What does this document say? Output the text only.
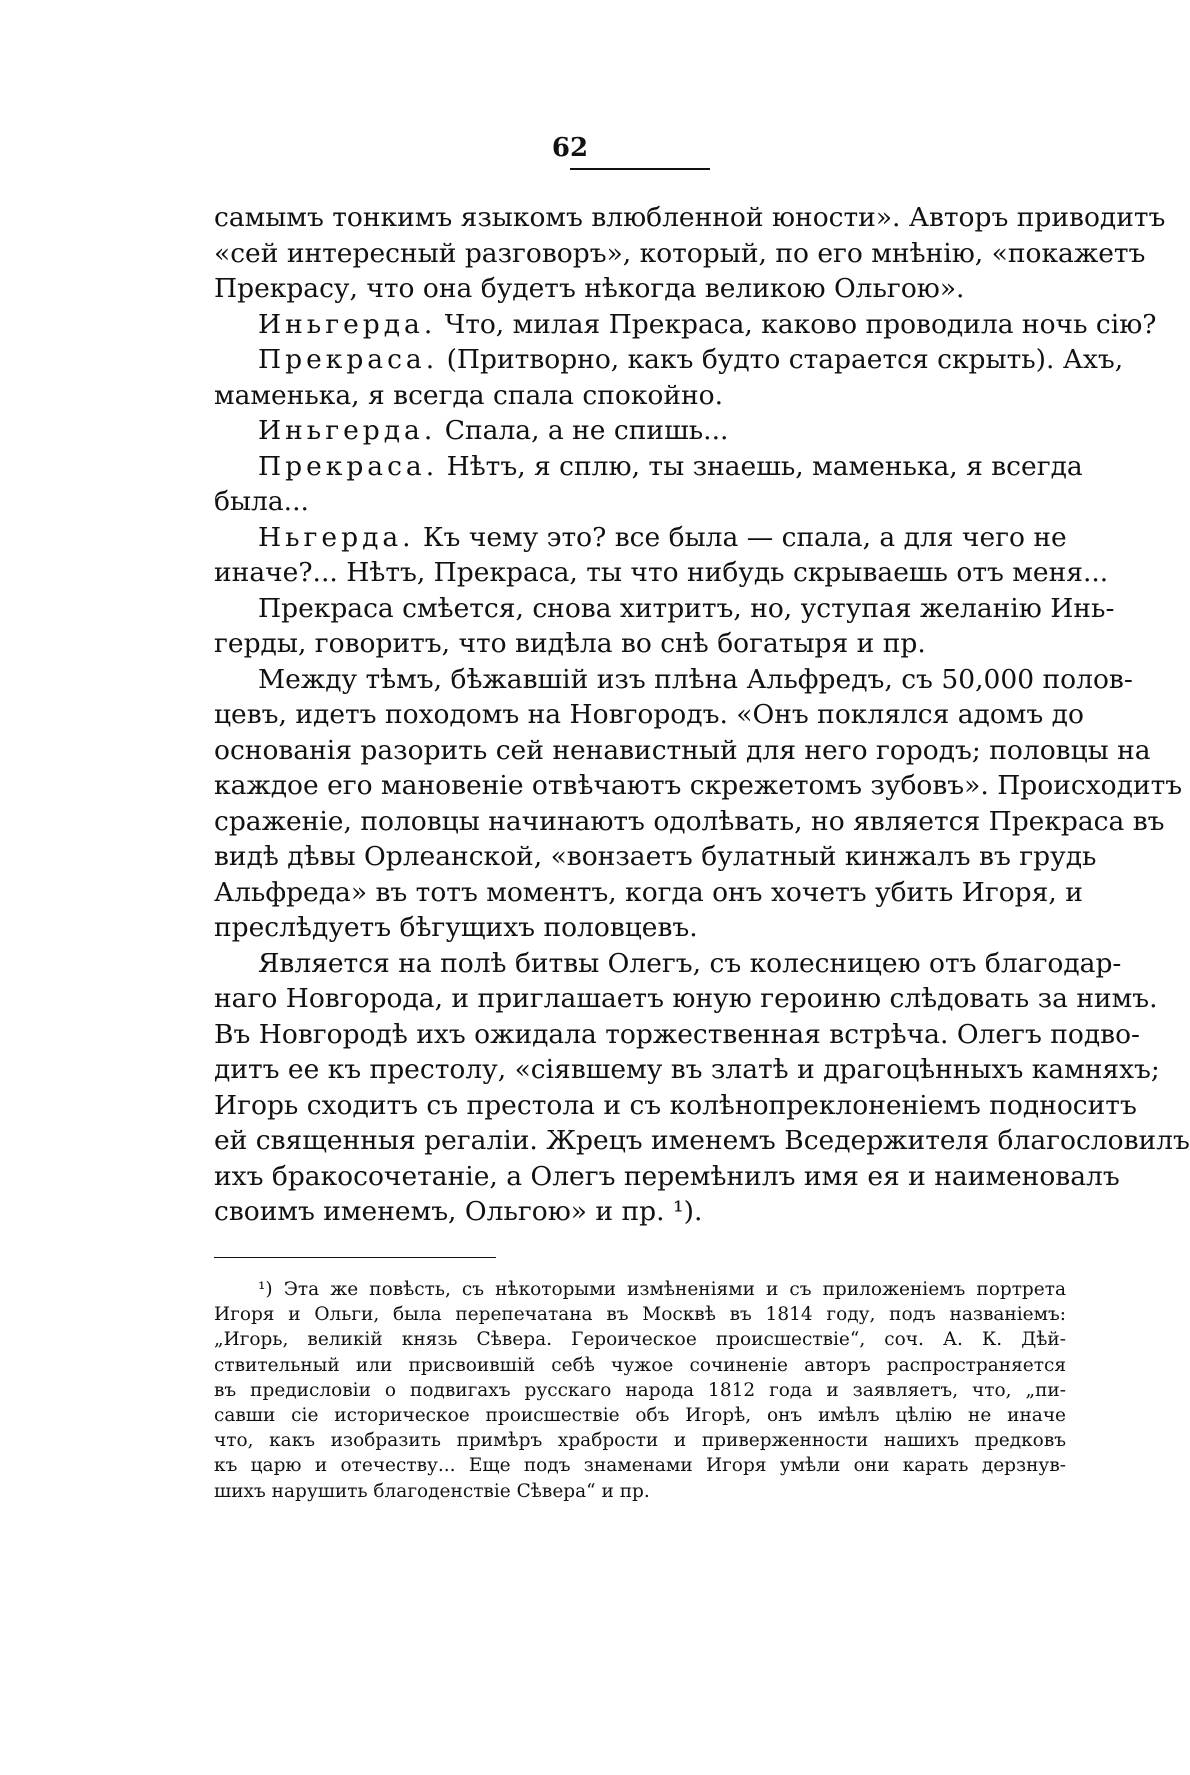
62
самымъ тонкимъ языкомъ влюбленной юности». Авторъ приводитъ
«сей интересный разговоръ», который, по его мнѣнію, «покажетъ
Прекрасу, что она будетъ нѣкогда великою Ольгою».
Иньгерда. Что, милая Прекраса, каково проводила ночь сію?
Прекраса. (Притворно, какъ будто старается скрыть). Ахъ,
маменька, я всегда спала спокойно.
Иньгерда. Спала, а не спишь...
Прекраса. Нѣтъ, я сплю, ты знаешь, маменька, я всегда
была...
Ньгерда. Къ чему это? все была — спала, а для чего не
иначе?... Нѣтъ, Прекраса, ты что нибудь скрываешь отъ меня...
Прекраса смѣется, снова хитритъ, но, уступая желанію Инь-
герды, говоритъ, что видѣла во снѣ богатыря и пр.
Между тѣмъ, бѣжавшій изъ плѣна Альфредъ, съ 50,000 полов-
цевъ, идетъ походомъ на Новгородъ. «Онъ поклялся адомъ до
основанія разорить сей ненавистный для него городъ; половцы на
каждое его мановеніе отвѣчаютъ скрежетомъ зубовъ». Происходитъ
сраженіе, половцы начинаютъ одолѣвать, но является Прекраса въ
видѣ дѣвы Орлеанской, «вонзаетъ булатный кинжалъ въ грудь
Альфреда» въ тотъ моментъ, когда онъ хочетъ убить Игоря, и
преслѣдуетъ бѣгущихъ половцевъ.
Является на полѣ битвы Олегъ, съ колесницею отъ благодар-
наго Новгорода, и приглашаетъ юную героиню слѣдовать за нимъ.
Въ Новгородѣ ихъ ожидала торжественная встрѣча. Олегъ подво-
дитъ ее къ престолу, «сіявшему въ златѣ и драгоцѣнныхъ камняхъ;
Игорь сходитъ съ престола и съ колѣнопреклоненіемъ подноситъ
ей священныя регаліи. Жрецъ именемъ Вседержителя благословилъ
ихъ бракосочетаніе, а Олегъ перемѣнилъ имя ея и наименовалъ
своимъ именемъ, Ольгою» и пр. ¹).
¹) Эта же повѣсть, съ нѣкоторыми измѣненіями и съ приложеніемъ портрета
Игоря и Ольги, была перепечатана въ Москвѣ въ 1814 году, подъ названіемъ:
„Игорь, великій князь Сѣвера. Героическое происшествіе“, соч. А. К. Дѣй-
ствительный или присвоившій себѣ чужое сочиненіе авторъ распространяется
въ предисловіи о подвигахъ русскаго народа 1812 года и заявляетъ, что, „пи-
савши сіе историческое происшествіе объ Игорѣ, онъ имѣлъ цѣлію не иначе
что, какъ изобразить примѣръ храбрости и приверженности нашихъ предковъ
къ царю и отечеству... Еще подъ знаменами Игоря умѣли они карать дерзнув-
шихъ нарушить благоденствіе Сѣвера“ и пр.
